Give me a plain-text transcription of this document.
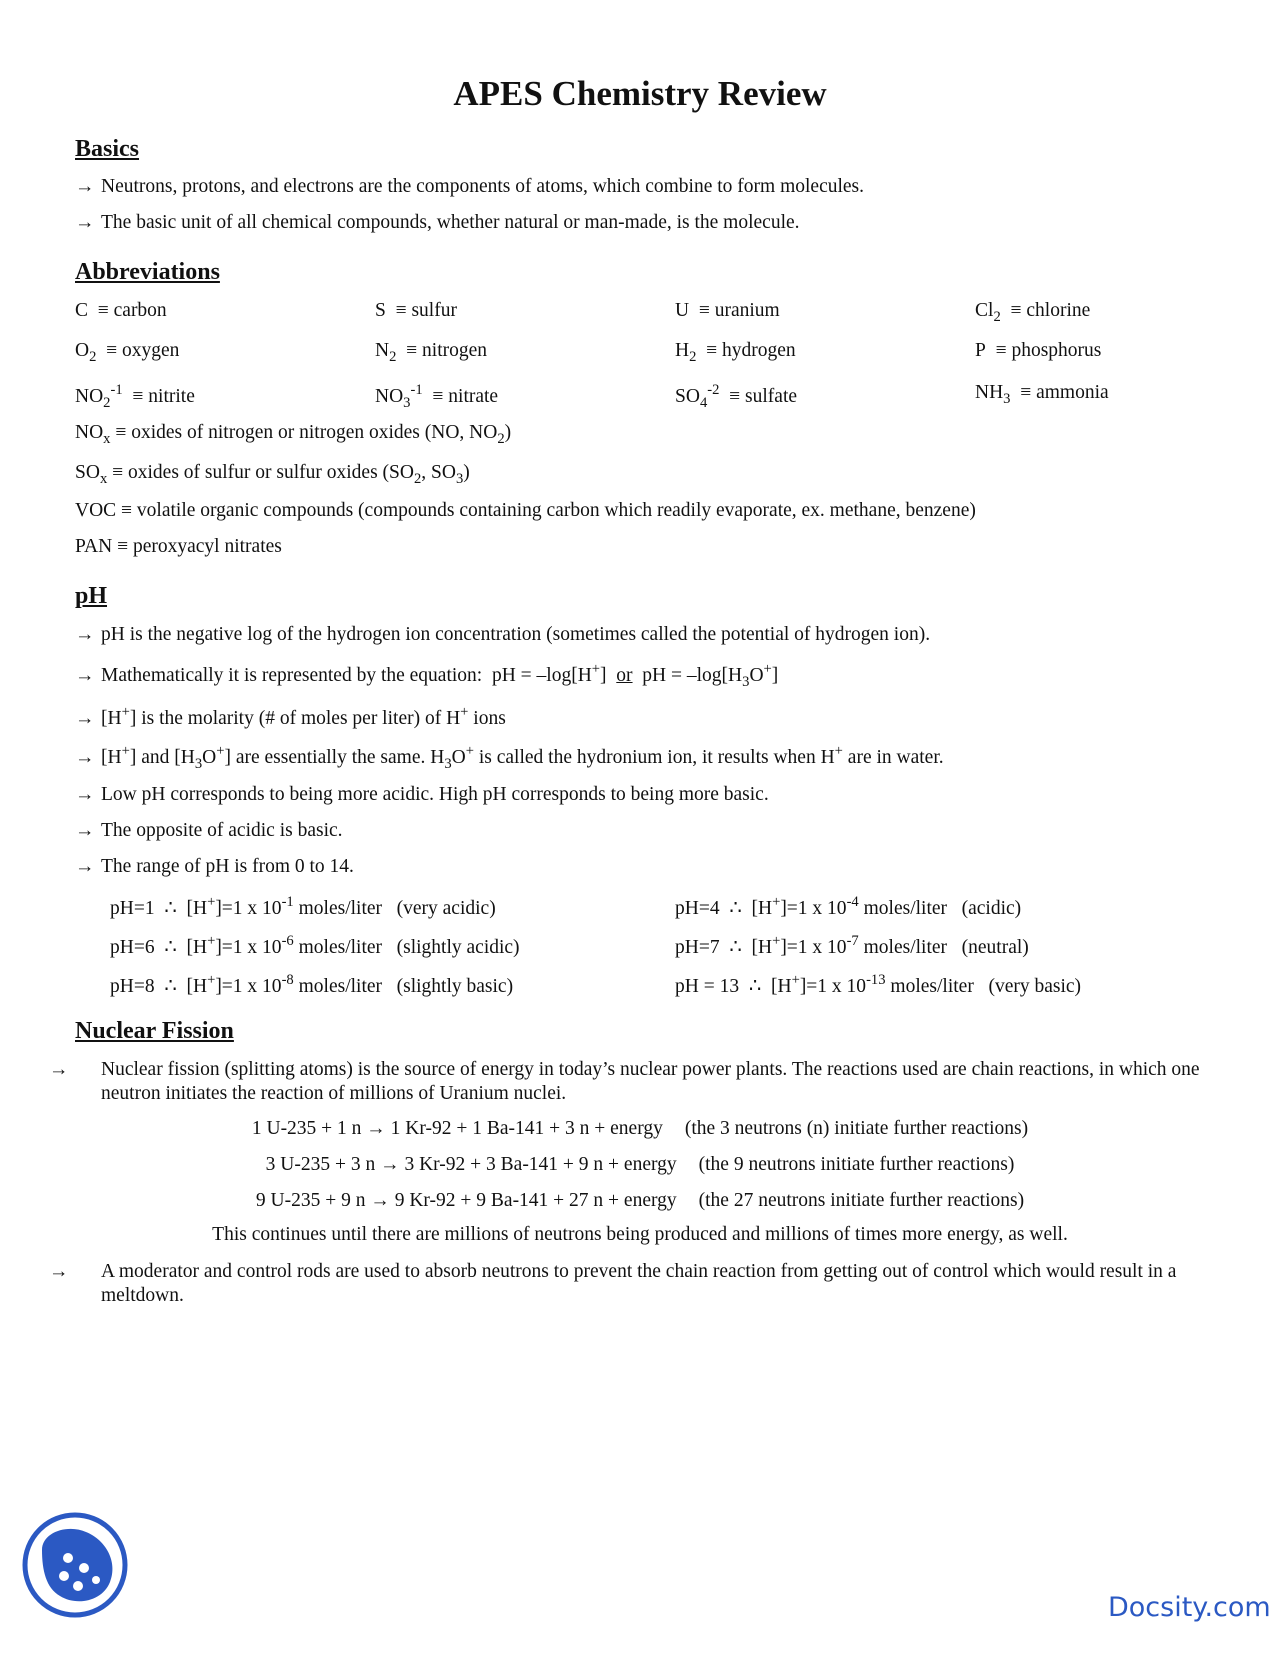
APES Chemistry Review

Basics

→ Neutrons, protons, and electrons are the components of atoms, which combine to form molecules.

→ The basic unit of all chemical compounds, whether natural or man-made, is the molecule.

Abbreviations

C  ≡ carbon	S  ≡ sulfur	U  ≡ uranium	$Cl_2$  ≡ chlorine
$O_2$  ≡ oxygen	$N_2$  ≡ nitrogen	$H_2$  ≡ hydrogen	P  ≡ phosphorus
$NO_2^{-1}$  ≡ nitrite	$NO_3^{-1}$  ≡ nitrate	$SO_4^{-2}$  ≡ sulfate	$NH_3$  ≡ ammonia

$NO_x$ ≡ oxides of nitrogen or nitrogen oxides (NO, $NO_2$)

$SO_x$ ≡ oxides of sulfur or sulfur oxides ($SO_2$, $SO_3$)

VOC ≡ volatile organic compounds (compounds containing carbon which readily evaporate, ex. methane, benzene)

PAN ≡ peroxyacyl nitrates

pH

→ pH is the negative log of the hydrogen ion concentration (sometimes called the potential of hydrogen ion).

→ Mathematically it is represented by the equation:  pH = –log[H+]  or  pH = $-\log[H_3O^+]$

→ [H+] is the molarity (# of moles per liter) of H+ ions

→ [H+] and $[H_3O^+]$ are essentially the same. $H_3O^+$ is called the hydronium ion, it results when H+ are in water.

→ Low pH corresponds to being more acidic. High pH corresponds to being more basic.

→ The opposite of acidic is basic.

→ The range of pH is from 0 to 14.

pH=1  ∴  [H+]=1 x $10^{-1}$ moles/liter   (very acidic)	pH=4  ∴  [H+]=1 x $10^{-4}$ moles/liter   (acidic)
pH=6  ∴  [H+]=1 x $10^{-6}$ moles/liter   (slightly acidic)	pH=7  ∴  [H+]=1 x $10^{-7}$ moles/liter   (neutral)
pH=8  ∴  [H+]=1 x $10^{-8}$ moles/liter   (slightly basic)	pH = 13  ∴  [H+]=1 x $10^{-13}$ moles/liter   (very basic)

Nuclear Fission

→ Nuclear fission (splitting atoms) is the source of energy in today’s nuclear power plants. The reactions used are chain reactions, in which one neutron initiates the reaction of millions of Uranium nuclei.

1 U-235 + 1 n → 1 Kr-92 + 1 Ba-141 + 3 n + energy (the 3 neutrons (n) initiate further reactions)
3 U-235 + 3 n → 3 Kr-92 + 3 Ba-141 + 9 n + energy (the 9 neutrons initiate further reactions)
9 U-235 + 9 n → 9 Kr-92 + 9 Ba-141 + 27 n + energy (the 27 neutrons initiate further reactions)
This continues until there are millions of neutrons being produced and millions of times more energy, as well.

→ A moderator and control rods are used to absorb neutrons to prevent the chain reaction from getting out of control which would result in a meltdown.

Docsity.com
